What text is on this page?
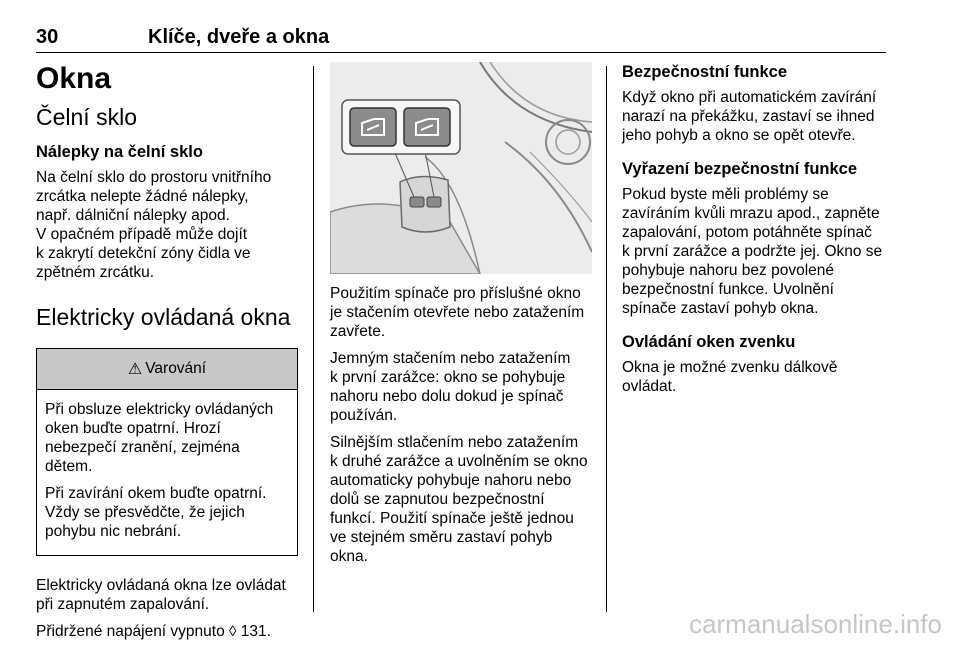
30	Klíče, dveře a okna
Okna
Čelní sklo
Nálepky na čelní sklo

Na čelní sklo do prostoru vnitřního
zrcátka nelepte žádné nálepky,
např. dálniční nálepky apod.
V opačném případě může dojít
k zakrytí detekční zóny čidla ve
zpětném zrcátku.

Elektricky ovládaná okna
⚠ Varování

Při obsluze elektricky ovládaných
oken buďte opatrní. Hrozí
nebezpečí zranění, zejména
dětem.

Při zavírání okem buďte opatrní.
Vždy se přesvědčte, že jejich
pohybu nic nebrání.

Elektricky ovládaná okna lze ovládat
při zapnutém zapalování.

Přidržené napájení vypnuto ◊ 131.

Použitím spínače pro příslušné okno
je stačením otevřete nebo zatažením
zavřete.

Jemným stačením nebo zatažením
k první zarážce: okno se pohybuje
nahoru nebo dolu dokud je spínač
používán.

Silnějším stlačením nebo zatažením
k druhé zarážce a uvolněním se okno
automaticky pohybuje nahoru nebo
dolů se zapnutou bezpečnostní
funkcí. Použití spínače ještě jednou
ve stejném směru zastaví pohyb
okna.

Bezpečnostní funkce

Když okno při automatickém zavírání
narazí na překážku, zastaví se ihned
jeho pohyb a okno se opět otevře.

Vyřazení bezpečnostní funkce

Pokud byste měli problémy se
zavíráním kvůli mrazu apod., zapněte
zapalování, potom potáhněte spínač
k první zarážce a podržte jej. Okno se
pohybuje nahoru bez povolené
bezpečnostní funkce. Uvolnění
spínače zastaví pohyb okna.

Ovládání oken zvenku

Okna je možné zvenku dálkově
ovládat.

carmanualsonline.info
